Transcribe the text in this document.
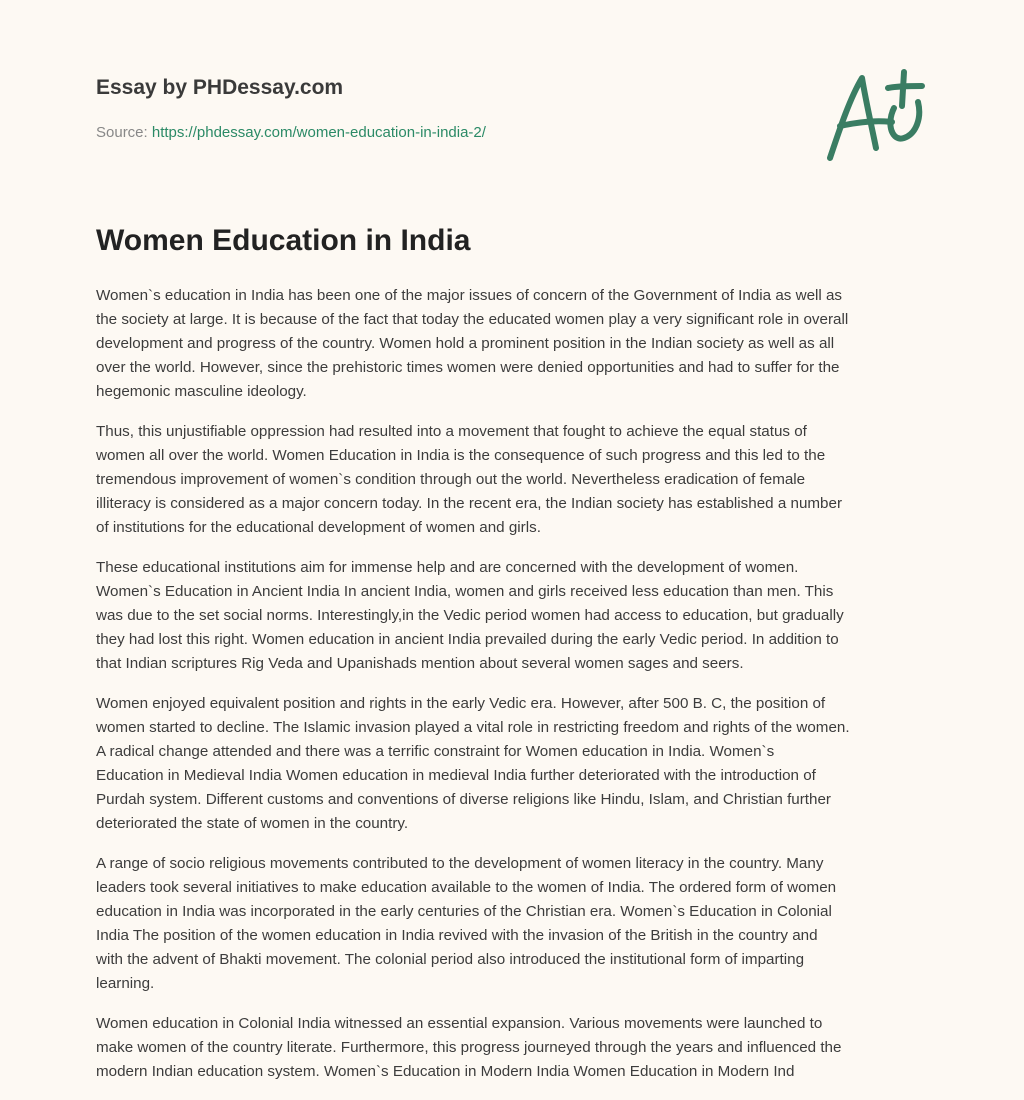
Essay by PHDessay.com
Source: https://phdessay.com/women-education-in-india-2/
Women Education in India

Women`s education in India has been one of the major issues of concern of the Government of India as well as
the society at large. It is because of the fact that today the educated women play a very significant role in overall
development and progress of the country. Women hold a prominent position in the Indian society as well as all
over the world. However, since the prehistoric times women were denied opportunities and had to suffer for the
hegemonic masculine ideology.

Thus, this unjustifiable oppression had resulted into a movement that fought to achieve the equal status of
women all over the world. Women Education in India is the consequence of such progress and this led to the
tremendous improvement of women`s condition through out the world. Nevertheless eradication of female
illiteracy is considered as a major concern today. In the recent era, the Indian society has established a number
of institutions for the educational development of women and girls.

These educational institutions aim for immense help and are concerned with the development of women.
Women`s Education in Ancient India In ancient India, women and girls received less education than men. This
was due to the set social norms. Interestingly,in the Vedic period women had access to education, but gradually
they had lost this right. Women education in ancient India prevailed during the early Vedic period. In addition to
that Indian scriptures Rig Veda and Upanishads mention about several women sages and seers.

Women enjoyed equivalent position and rights in the early Vedic era. However, after 500 B. C, the position of
women started to decline. The Islamic invasion played a vital role in restricting freedom and rights of the women.
A radical change attended and there was a terrific constraint for Women education in India. Women`s
Education in Medieval India Women education in medieval India further deteriorated with the introduction of
Purdah system. Different customs and conventions of diverse religions like Hindu, Islam, and Christian further
deteriorated the state of women in the country.

A range of socio religious movements contributed to the development of women literacy in the country. Many
leaders took several initiatives to make education available to the women of India. The ordered form of women
education in India was incorporated in the early centuries of the Christian era. Women`s Education in Colonial
India The position of the women education in India revived with the invasion of the British in the country and
with the advent of Bhakti movement. The colonial period also introduced the institutional form of imparting
learning.

Women education in Colonial India witnessed an essential expansion. Various movements were launched to
make women of the country literate. Furthermore, this progress journeyed through the years and influenced the
modern Indian education system. Women`s Education in Modern India Women Education in Modern Ind
